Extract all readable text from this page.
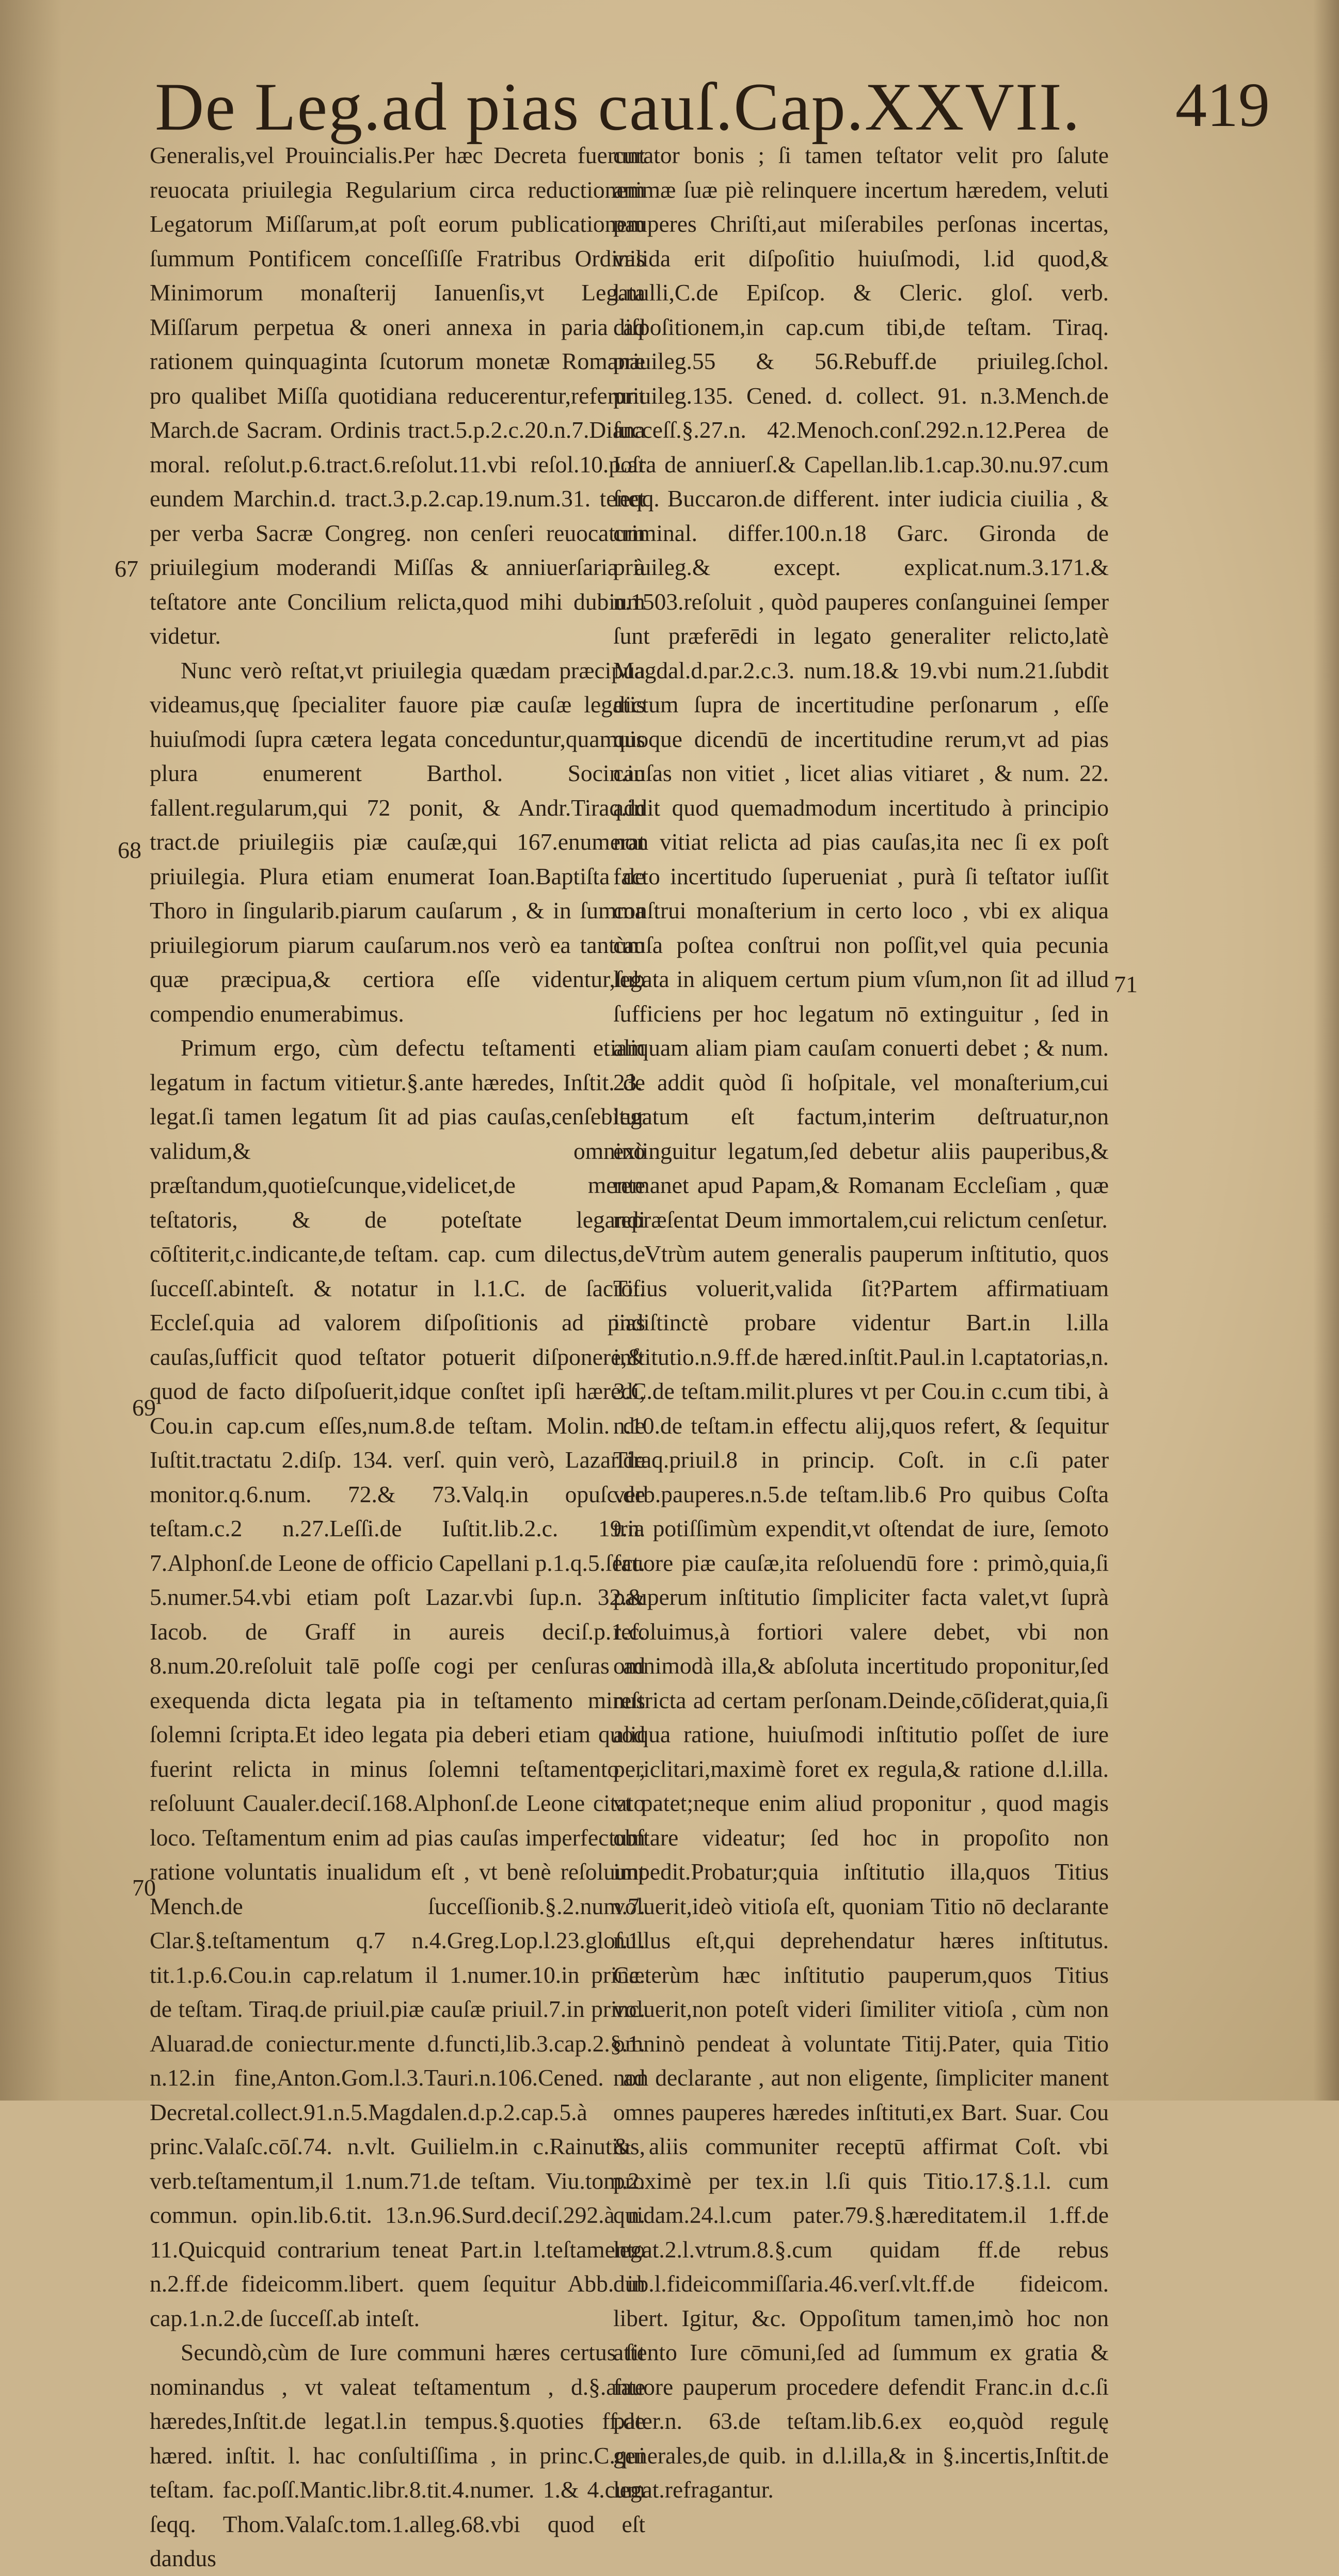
De Leg.ad pias cauſ.Cap.XXVII. 419
67
68
69
70
71

Generalis,vel Prouincialis.Per hæc Decreta fuerunt reuocata priuilegia Regularium circa reductionem Legatorum Miſſarum,at poſt eorum publicationem ſummum Pontificem conceſſiſſe Fratribus Ordinis Minimorum monaſterij Ianuenſis,vt Legata Miſſarum perpetua & oneri annexa in paria ad rationem quinquaginta ſcutorum monetæ Romanæ pro qualibet Miſſa quotidiana reducerentur,referunt March.de Sacram. Ordinis tract.5.p.2.c.20.n.7.Diana moral. reſolut.p.6.tract.6.reſolut.11.vbi reſol.10.poſt eundem Marchin.d. tract.3.p.2.cap.19.num.31. tenet per verba Sacræ Congreg. non cenſeri reuocatum priuilegium moderandi Miſſas & anniuerſaria à teſtatore ante Concilium relicta,quod mihi dubium videtur.

Nunc verò reſtat,vt priuilegia quædam præcipua videamus,quę ſpecialiter fauore piæ cauſæ legatis huiuſmodi ſupra cætera legata conceduntur,quamuis plura enumerent Barthol. Socin.in fallent.regularum,qui 72 ponit, & Andr.Tiraq.in tract.de priuilegiis piæ cauſæ,qui 167.enumerat priuilegia. Plura etiam enumerat Ioan.Baptiſta de Thoro in ſingularib.piarum cauſarum , & in ſumma priuilegiorum piarum cauſarum.nos verò ea tantùm quæ præcipua,& certiora eſſe videntur,ſub compendio enumerabimus.

Primum ergo, cùm defectu teſtamenti etiam legatum in factum vitietur.§.ante hæredes, Inſtit. de legat.ſi tamen legatum ſit ad pias cauſas,cenſebitur validum,& omninò præſtandum,quotieſcunque,videlicet,de mente teſtatoris, & de poteſtate legandi cōſtiterit,c.indicante,de teſtam. cap. cum dilectus,de ſucceſſ.abinteſt. & notatur in l.1.C. de ſacroſ. Eccleſ.quia ad valorem diſpoſitionis ad pias cauſas,ſufficit quod teſtator potuerit diſponere,& quod de facto diſpoſuerit,idque conſtet ipſi hæredi, Cou.in cap.cum eſſes,num.8.de teſtam. Molin. de Iuſtit.tractatu 2.diſp. 134. verſ. quin verò, Lazar.de monitor.q.6.num. 72.& 73.Valq.in opuſc.de teſtam.c.2 n.27.Leſſi.de Iuſtit.lib.2.c. 19.n. 7.Alphonſ.de Leone de officio Capellani p.1.q.5.ſect. 5.numer.54.vbi etiam poſt Lazar.vbi ſup.n. 32.& Iacob. de Graff in aureis deciſ.p.1.c. 8.num.20.reſoluit talē poſſe cogi per cenſuras ad exequenda dicta legata pia in teſtamento minus ſolemni ſcripta.Et ideo legata pia deberi etiam quod fuerint relicta in minus ſolemni teſtamento , reſoluunt Caualer.deciſ.168.Alphonſ.de Leone citato loco. Teſtamentum enim ad pias cauſas imperfectum ratione voluntatis inualidum eſt , vt benè reſoluunt Mench.de ſucceſſionib.§.2.num.7. Clar.§.teſtamentum q.7 n.4.Greg.Lop.l.23.gloſ.1. tit.1.p.6.Cou.in cap.relatum il 1.numer.10.in princ. de teſtam. Tiraq.de priuil.piæ cauſæ priuil.7.in princ. Aluarad.de coniectur.mente d.functi,lib.3.cap.2.§.1. n.12.in fine,Anton.Gom.l.3.Tauri.n.106.Cened. ad Decretal.collect.91.n.5.Magdalen.d.p.2.cap.5.à princ.Valaſc.cōſ.74. n.vlt. Guilielm.in c.Rainutius, verb.teſtamentum,il 1.num.71.de teſtam. Viu.tom.2. commun. opin.lib.6.tit. 13.n.96.Surd.deciſ.292.à n. 11.Quicquid contrarium teneat Part.in l.teſtamento n.2.ff.de fideicomm.libert. quem ſequitur Abb. in cap.1.n.2.de ſucceſſ.ab inteſt.

Secundò,cùm de Iure communi hæres certus ſit nominandus , vt valeat teſtamentum , d.§.ante hæredes,Inſtit.de legat.l.in tempus.§.quoties ff.de hæred. inſtit. l. hac conſultiſſima , in princ.C.qui teſtam. fac.poſſ.Mantic.libr.8.tit.4.numer. 1.& 4.cum ſeqq. Thom.Valaſc.tom.1.alleg.68.vbi quod eſt dandus

curator bonis ; ſi tamen teſtator velit pro ſalute animæ ſuæ piè relinquere incertum hæredem, veluti pauperes Chriſti,aut miſerabiles perſonas incertas, valida erit diſpoſitio huiuſmodi, l.id quod,& l.nulli,C.de Epiſcop. & Cleric. gloſ. verb. diſpoſitionem,in cap.cum tibi,de teſtam. Tiraq. priuileg.55 & 56.Rebuff.de priuileg.ſchol. priuileg.135. Cened. d. collect. 91. n.3.Mench.de ſucceſſ.§.27.n. 42.Menoch.conſ.292.n.12.Perea de Lara de anniuerſ.& Capellan.lib.1.cap.30.nu.97.cum ſeqq. Buccaron.de different. inter iudicia ciuilia , & criminal. differ.100.n.18 Garc. Gironda de priuileg.& except. explicat.num.3.171.& n.1503.reſoluit , quòd pauperes conſanguinei ſemper ſunt præferēdi in legato generaliter relicto,latè Magdal.d.par.2.c.3. num.18.& 19.vbi num.21.ſubdit dictum ſupra de incertitudine perſonarum , eſſe quoque dicendū de incertitudine rerum,vt ad pias cauſas non vitiet , licet alias vitiaret , & num. 22. addit quod quemadmodum incertitudo à principio non vitiat relicta ad pias cauſas,ita nec ſi ex poſt facto incertitudo ſuperueniat , purà ſi teſtator iuſſit conſtrui monaſterium in certo loco , vbi ex aliqua cauſa poſtea conſtrui non poſſit,vel quia pecunia legata in aliquem certum pium vſum,non ſit ad illud ſufficiens per hoc legatum nō extinguitur , ſed in aliquam aliam piam cauſam conuerti debet ; & num. 23. addit quòd ſi hoſpitale, vel monaſterium,cui legatum eſt factum,interim deſtruatur,non extinguitur legatum,ſed debetur aliis pauperibus,& remanet apud Papam,& Romanam Eccleſiam , quæ repræſentat Deum immortalem,cui relictum cenſetur.

Vtrùm autem generalis pauperum inſtitutio, quos Titius voluerit,valida ſit?Partem affirmatiuam indiſtinctè probare videntur Bart.in l.illa inſtitutio.n.9.ff.de hæred.inſtit.Paul.in l.captatorias,n. 3.C.de teſtam.milit.plures vt per Cou.in c.cum tibi, à n.10.de teſtam.in effectu alij,quos refert, & ſequitur Tiraq.priuil.8 in princip. Coſt. in c.ſi pater verb.pauperes.n.5.de teſtam.lib.6 Pro quibus Coſta tria potiſſimùm expendit,vt oſtendat de iure, ſemoto fauore piæ cauſæ,ita reſoluendū fore : primò,quia,ſi pauperum inſtitutio ſimpliciter facta valet,vt ſuprà reſoluimus,à fortiori valere debet, vbi non omnimodà illa,& abſoluta incertitudo proponitur,ſed reſtricta ad certam perſonam.Deinde,cōſiderat,quia,ſi aliqua ratione, huiuſmodi inſtitutio poſſet de iure periclitari,maximè foret ex regula,& ratione d.l.illa. vt patet;neque enim aliud proponitur , quod magis obſtare videatur; ſed hoc in propoſito non impedit.Probatur;quia inſtitutio illa,quos Titius voluerit,ideò vitioſa eſt, quoniam Titio nō declarante nullus eſt,qui deprehendatur hæres inſtitutus. Cæterùm hæc inſtitutio pauperum,quos Titius voluerit,non poteſt videri ſimiliter vitioſa , cùm non omninò pendeat à voluntate Titij.Pater, quia Titio non declarante , aut non eligente, ſimpliciter manent omnes pauperes hæredes inſtituti,ex Bart. Suar. Cou & aliis communiter receptū affirmat Coſt. vbi proximè per tex.in l.ſi quis Titio.17.§.1.l. cum quidam.24.l.cum pater.79.§.hæreditatem.il 1.ff.de legat.2.l.vtrum.8.§.cum quidam ff.de rebus dub.l.fideicommiſſaria.46.verſ.vlt.ff.de fideicom. libert. Igitur, &c. Oppoſitum tamen,imò hoc non attento Iure cōmuni,ſed ad ſummum ex gratia & fauore pauperum procedere defendit Franc.in d.c.ſi pater.n. 63.de teſtam.lib.6.ex eo,quòd regulę generales,de quib. in d.l.illa,& in §.incertis,Inſtit.de legat.refragantur.
